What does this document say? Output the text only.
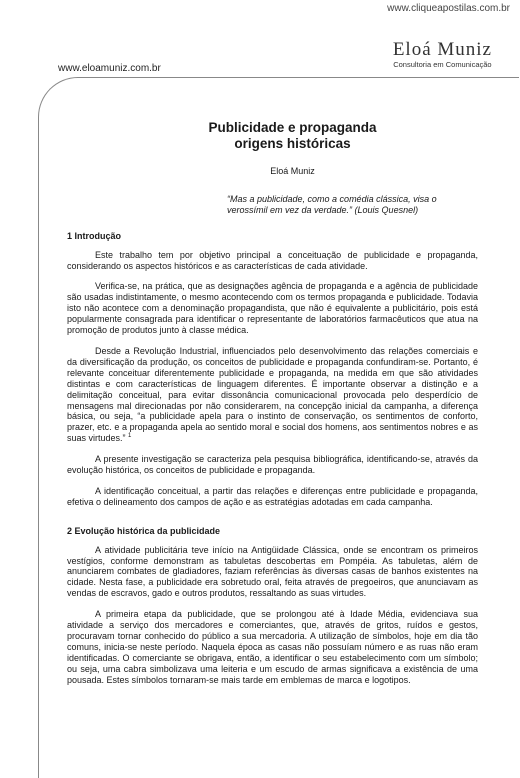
www.cliqueapostilas.com.br
Eloá Muniz
Consultoria em Comunicação
www.eloamuniz.com.br
Publicidade e propaganda
origens históricas
Eloá Muniz
“Mas a publicidade, como a comédia clássica, visa o verossímil em vez da verdade.” (Louis Quesnel)
1 Introdução

Este trabalho tem por objetivo principal a conceituação de publicidade e propaganda, considerando os aspectos históricos e as características de cada atividade.

Verifica-se, na prática, que as designações agência de propaganda e a agência de publicidade são usadas indistintamente, o mesmo acontecendo com os termos propaganda e publicidade. Todavia isto não acontece com a denominação propagandista, que não é equivalente a publicitário, pois está popularmente consagrada para identificar o representante de laboratórios farmacêuticos que atua na promoção de produtos junto à classe médica.

Desde a Revolução Industrial, influenciados pelo desenvolvimento das relações comerciais e da diversificação da produção, os conceitos de publicidade e propaganda confundiram-se. Portanto, é relevante conceituar diferentemente publicidade e propaganda, na medida em que são atividades distintas e com características de linguagem diferentes. É importante observar a distinção e a delimitação conceitual, para evitar dissonância comunicacional provocada pelo desperdício de mensagens mal direcionadas por não considerarem, na concepção inicial da campanha, a diferença básica, ou seja, “a publicidade apela para o instinto de conservação, os sentimentos de conforto, prazer, etc. e a propaganda apela ao sentido moral e social dos homens, aos sentimentos nobres e as suas virtudes.” $^1$

A presente investigação se caracteriza pela pesquisa bibliográfica, identificando-se, através da evolução histórica, os conceitos de publicidade e propaganda.

A identificação conceitual, a partir das relações e diferenças entre publicidade e propaganda, efetiva o delineamento dos campos de ação e as estratégias adotadas em cada campanha.

2 Evolução histórica da publicidade

A atividade publicitária teve início na Antigüidade Clássica, onde se encontram os primeiros vestígios, conforme demonstram as tabuletas descobertas em Pompéia. As tabuletas, além de anunciarem combates de gladiadores, faziam referências às diversas casas de banhos existentes na cidade. Nesta fase, a publicidade era sobretudo oral, feita através de pregoeiros, que anunciavam as vendas de escravos, gado e outros produtos, ressaltando as suas virtudes.

A primeira etapa da publicidade, que se prolongou até à Idade Média, evidenciava sua atividade a serviço dos mercadores e comerciantes, que, através de gritos, ruídos e gestos, procuravam tornar conhecido do público a sua mercadoria. A utilização de símbolos, hoje em dia tão comuns, inicia-se neste período. Naquela época as casas não possuíam número e as ruas não eram identificadas. O comerciante se obrigava, então, a identificar o seu estabelecimento com um símbolo; ou seja, uma cabra simbolizava uma leiteria e um escudo de armas significava a existência de uma pousada. Estes símbolos tornaram-se mais tarde em emblemas de marca e logotipos.
